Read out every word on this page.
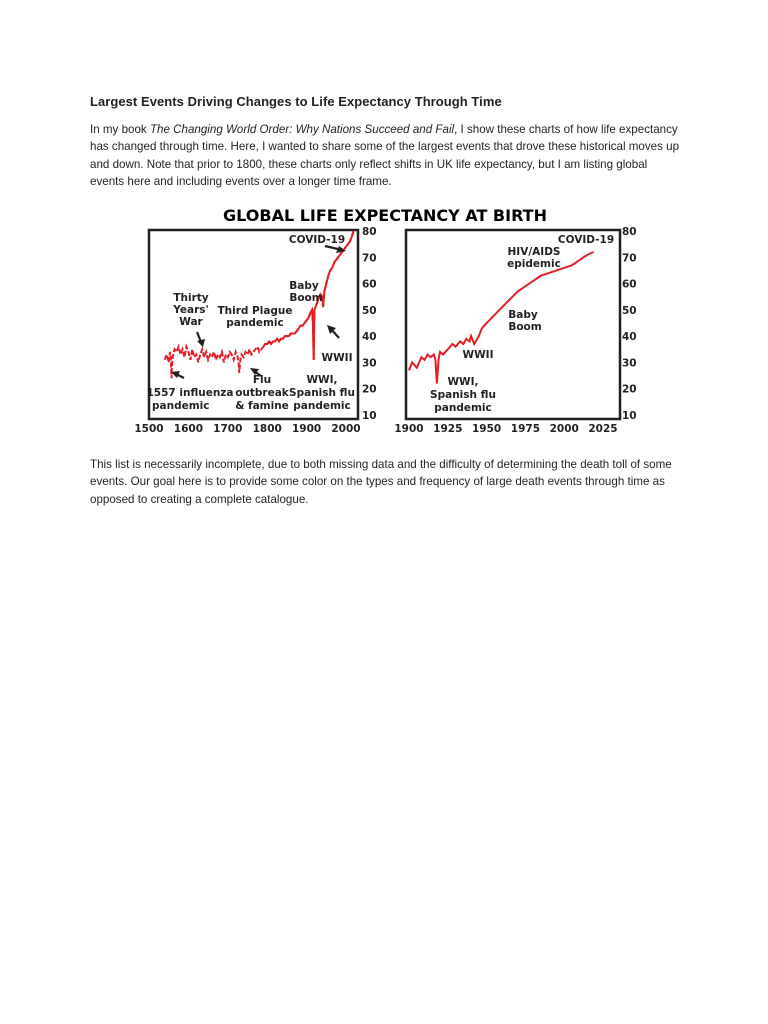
Largest Events Driving Changes to Life Expectancy Through Time

In my book The Changing World Order: Why Nations Succeed and Fail, I show these charts of how life expectancy has changed through time. Here, I wanted to share some of the largest events that drove these historical moves up and down. Note that prior to 1800, these charts only reflect shifts in UK life expectancy, but I am listing global events here and including events over a longer time frame.

GLOBAL LIFE EXPECTANCY AT BIRTH
1500 1600 1700 1800 1900 2000
80
70
60
50
40
30
20
10
1900 1925 1950 1975 2000 2025
80
70
60
50
40
30
20
10
COVID-19
Baby
Boom
Thirty
Years'
War
Third Plague
pandemic
WWII
1557 influenza
pandemic
Flu
outbreak
& famine
WWI,
Spanish flu
pandemic
COVID-19
HIV/AIDS
epidemic
Baby
Boom
WWII
WWI,
Spanish flu
pandemic

This list is necessarily incomplete, due to both missing data and the difficulty of determining the death toll of some events. Our goal here is to provide some color on the types and frequency of large death events through time as opposed to creating a complete catalogue.
